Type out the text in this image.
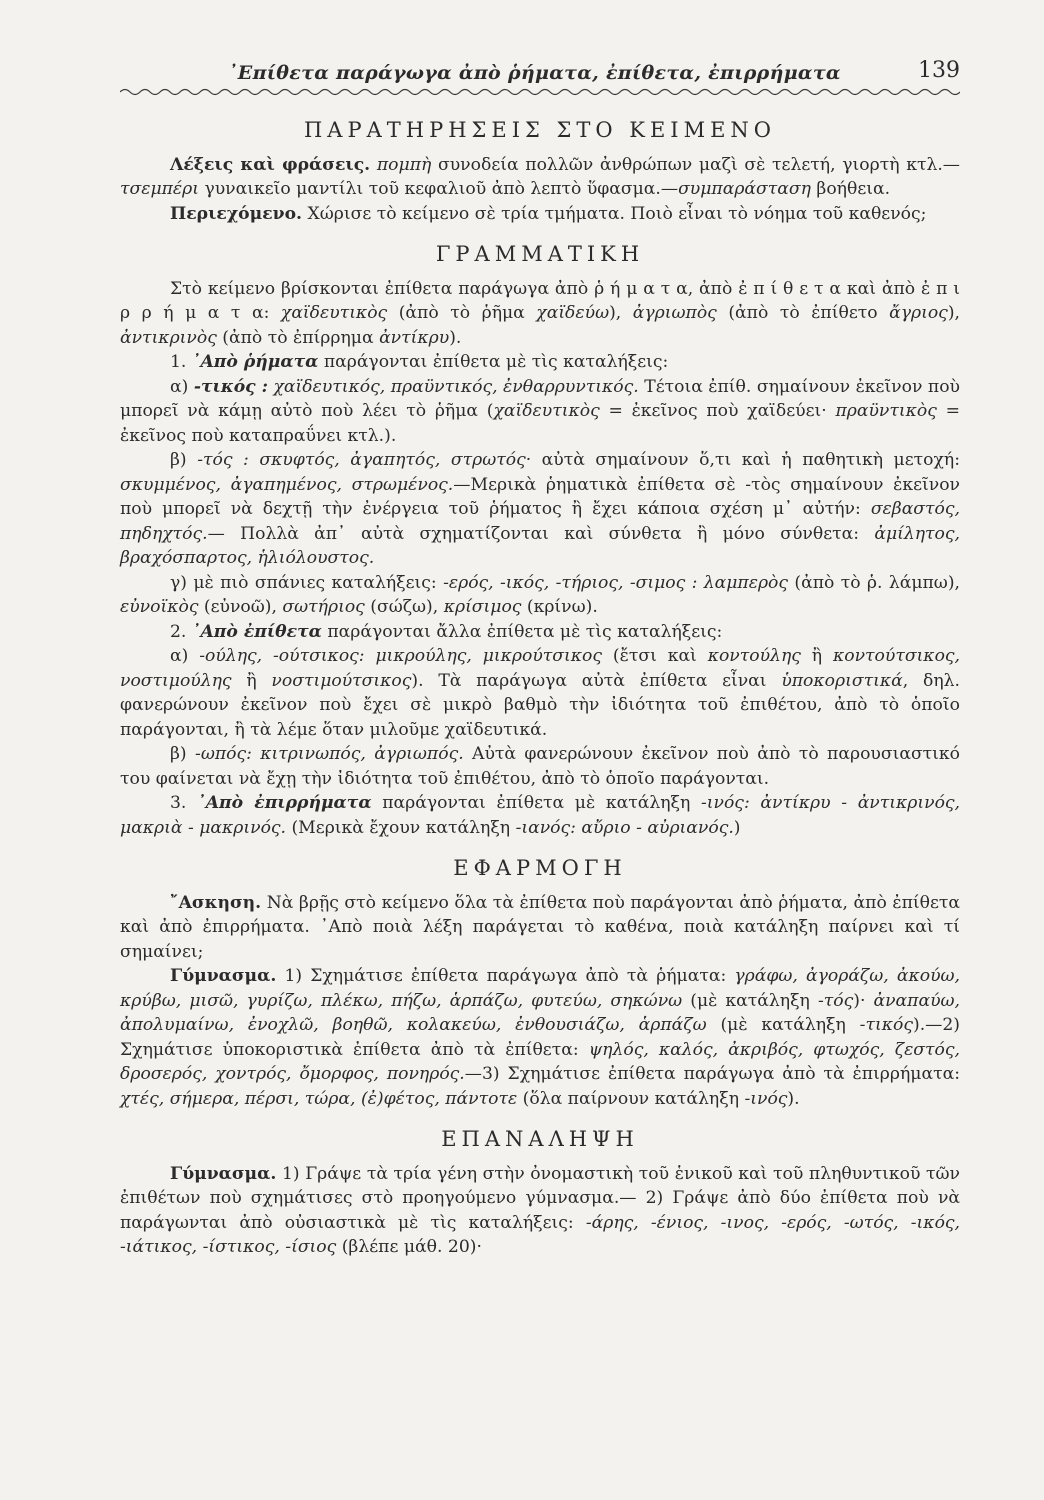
᾿Επίθετα παράγωγα ἀπὸ ῥήματα, ἐπίθετα, ἐπιρρήματα	139
ΠΑΡΑΤΗΡΗΣΕΙΣ ΣΤΟ ΚΕΙΜΕΝΟ

Λέξεις καὶ φράσεις. πομπὴ συνοδεία πολλῶν ἀνθρώπων μαζὶ σὲ τελετή, γιορτὴ κτλ.—τσεμπέρι γυναικεῖο μαντίλι τοῦ κεφαλιοῦ ἀπὸ λεπτὸ ὕφασμα.—συμπαράσταση βοήθεια.

Περιεχόμενο. Χώρισε τὸ κείμενο σὲ τρία τμήματα. Ποιὸ εἶναι τὸ νόημα τοῦ καθενός;

ΓΡΑΜΜΑΤΙΚΗ

Στὸ κείμενο βρίσκονται ἐπίθετα παράγωγα ἀπὸ ῥ ή μ α τ α, ἀπὸ ἐ π ί θ ε τ α καὶ ἀπὸ ἐ π ι ρ ρ ή μ α τ α: χαϊδευτικὸς (ἀπὸ τὸ ῥῆμα χαϊδεύω), ἀγριωπὸς (ἀπὸ τὸ ἐπίθετο ἄγριος), ἀντικρινὸς (ἀπὸ τὸ ἐπίρρημα ἀντίκρυ).

1. ᾿Απὸ ῥήματα παράγονται ἐπίθετα μὲ τὶς καταλήξεις:

α) -τικός : χαϊδευτικός, πραϋντικός, ἐνθαρρυντικός. Τέτοια ἐπίθ. σημαίνουν ἐκεῖνον ποὺ μπορεῖ νὰ κάμῃ αὐτὸ ποὺ λέει τὸ ῥῆμα (χαϊδευτικὸς = ἐκεῖνος ποὺ χαϊδεύει· πραϋντικὸς = ἐκεῖνος ποὺ καταπραΰνει κτλ.).

β) -τός : σκυφτός, ἀγαπητός, στρωτός· αὐτὰ σημαίνουν ὅ,τι καὶ ἡ παθητικὴ μετοχή: σκυμμένος, ἀγαπημένος, στρωμένος.—Μερικὰ ῥηματικὰ ἐπίθετα σὲ -τὸς σημαίνουν ἐκεῖνον ποὺ μπορεῖ νὰ δεχτῇ τὴν ἐνέργεια τοῦ ῥήματος ἢ ἔχει κάποια σχέση μ᾿ αὐτήν: σεβαστός, πηδηχτός.— Πολλὰ ἀπ᾿ αὐτὰ σχηματίζονται καὶ σύνθετα ἢ μόνο σύνθετα: ἀμίλητος, βραχόσπαρτος, ἡλιόλουστος.

γ) μὲ πιὸ σπάνιες καταλήξεις: -ερός, -ικός, -τήριος, -σιμος : λαμπερὸς (ἀπὸ τὸ ῥ. λάμπω), εὐνοϊκὸς (εὐνοῶ), σωτήριος (σώζω), κρίσιμος (κρίνω).

2. ᾿Απὸ ἐπίθετα παράγονται ἄλλα ἐπίθετα μὲ τὶς καταλήξεις:

α) -ούλης, -ούτσικος: μικρούλης, μικρούτσικος (ἔτσι καὶ κοντούλης ἢ κοντούτσικος, νοστιμούλης ἢ νοστιμούτσικος). Τὰ παράγωγα αὐτὰ ἐπίθετα εἶναι ὑποκοριστικά, δηλ. φανερώνουν ἐκεῖνον ποὺ ἔχει σὲ μικρὸ βαθμὸ τὴν ἰδιότητα τοῦ ἐπιθέτου, ἀπὸ τὸ ὁποῖο παράγονται, ἢ τὰ λέμε ὅταν μιλοῦμε χαϊδευτικά.

β) -ωπός: κιτρινωπός, ἀγριωπός. Αὐτὰ φανερώνουν ἐκεῖνον ποὺ ἀπὸ τὸ παρουσιαστικό του φαίνεται νὰ ἔχῃ τὴν ἰδιότητα τοῦ ἐπιθέτου, ἀπὸ τὸ ὁποῖο παράγονται.

3. ᾿Απὸ ἐπιρρήματα παράγονται ἐπίθετα μὲ κατάληξη -ινός: ἀντίκρυ - ἀντικρινός, μακριὰ - μακρινός. (Μερικὰ ἔχουν κατάληξη -ιανός: αὔριο - αὐριανός.)

ΕΦΑΡΜΟΓΗ

῎Ασκηση. Νὰ βρῇς στὸ κείμενο ὅλα τὰ ἐπίθετα ποὺ παράγονται ἀπὸ ῥήματα, ἀπὸ ἐπίθετα καὶ ἀπὸ ἐπιρρήματα. ᾿Απὸ ποιὰ λέξη παράγεται τὸ καθένα, ποιὰ κατάληξη παίρνει καὶ τί σημαίνει;

Γύμνασμα. 1) Σχημάτισε ἐπίθετα παράγωγα ἀπὸ τὰ ῥήματα: γράφω, ἀγοράζω, ἀκούω, κρύβω, μισῶ, γυρίζω, πλέκω, πήζω, ἁρπάζω, φυτεύω, σηκώνω (μὲ κατάληξη -τός)· ἀναπαύω, ἀπολυμαίνω, ἐνοχλῶ, βοηθῶ, κολακεύω, ἐνθουσιάζω, ἁρπάζω (μὲ κατάληξη -τικός).—2) Σχημάτισε ὑποκοριστικὰ ἐπίθετα ἀπὸ τὰ ἐπίθετα: ψηλός, καλός, ἀκριβός, φτωχός, ζεστός, δροσερός, χοντρός, ὄμορφος, πονηρός.—3) Σχημάτισε ἐπίθετα παράγωγα ἀπὸ τὰ ἐπιρρήματα: χτές, σήμερα, πέρσι, τώρα, (ἐ)φέτος, πάντοτε (ὅλα παίρνουν κατάληξη -ινός).

ΕΠΑΝΑΛΗΨΗ

Γύμνασμα. 1) Γράψε τὰ τρία γένη στὴν ὀνομαστικὴ τοῦ ἑνικοῦ καὶ τοῦ πληθυντικοῦ τῶν ἐπιθέτων ποὺ σχημάτισες στὸ προηγούμενο γύμνασμα.— 2) Γράψε ἀπὸ δύο ἐπίθετα ποὺ νὰ παράγωνται ἀπὸ οὐσιαστικὰ μὲ τὶς καταλήξεις: -άρης, -ένιος, -ινος, -ερός, -ωτός, -ικός, -ιάτικος, -ίστικος, -ίσιος (βλέπε μάθ. 20)·
